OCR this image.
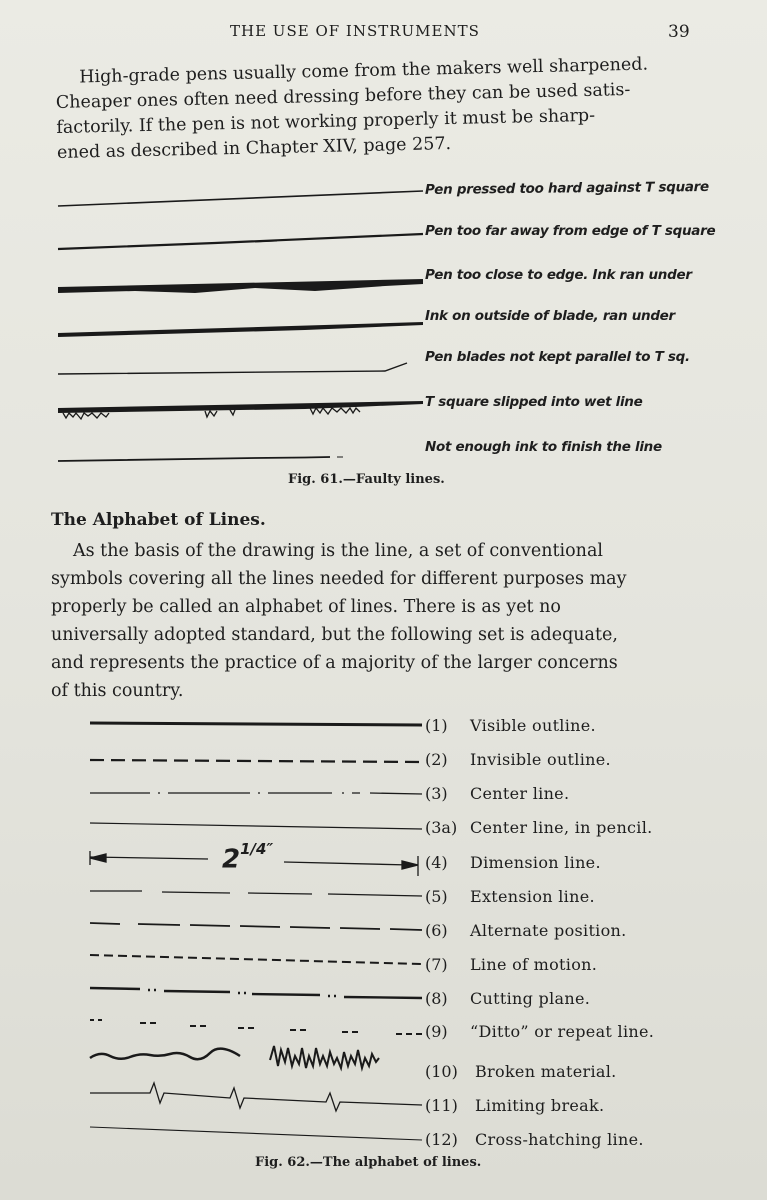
THE USE OF INSTRUMENTS	39
High-grade pens usually come from the makers well sharpened.
Cheaper ones often need dressing before they can be used satis-
factorily. If the pen is not working properly it must be sharp-
ened as described in Chapter XIV, page 257.
Pen pressed too hard against T square
Pen too far away from edge of T square
Pen too close to edge. Ink ran under
Ink on outside of blade, ran under
Pen blades not kept parallel to T sq.
T square slipped into wet line
Not enough ink to finish the line
Fig. 61.—Faulty lines.
The Alphabet of Lines.
As the basis of the drawing is the line, a set of conventional
symbols covering all the lines needed for different purposes may
properly be called an alphabet of lines. There is as yet no
universally adopted standard, but the following set is adequate,
and represents the practice of a majority of the larger concerns
of this country.
$2^{1/4''}$
(1) Visible outline.
(2) Invisible outline.
(3) Center line.
(3a) Center line, in pencil.
(4) Dimension line.
(5) Extension line.
(6) Alternate position.
(7) Line of motion.
(8) Cutting plane.
(9) “Ditto” or repeat line.
(10) Broken material.
(11) Limiting break.
(12) Cross-hatching line.
Fig. 62.—The alphabet of lines.
